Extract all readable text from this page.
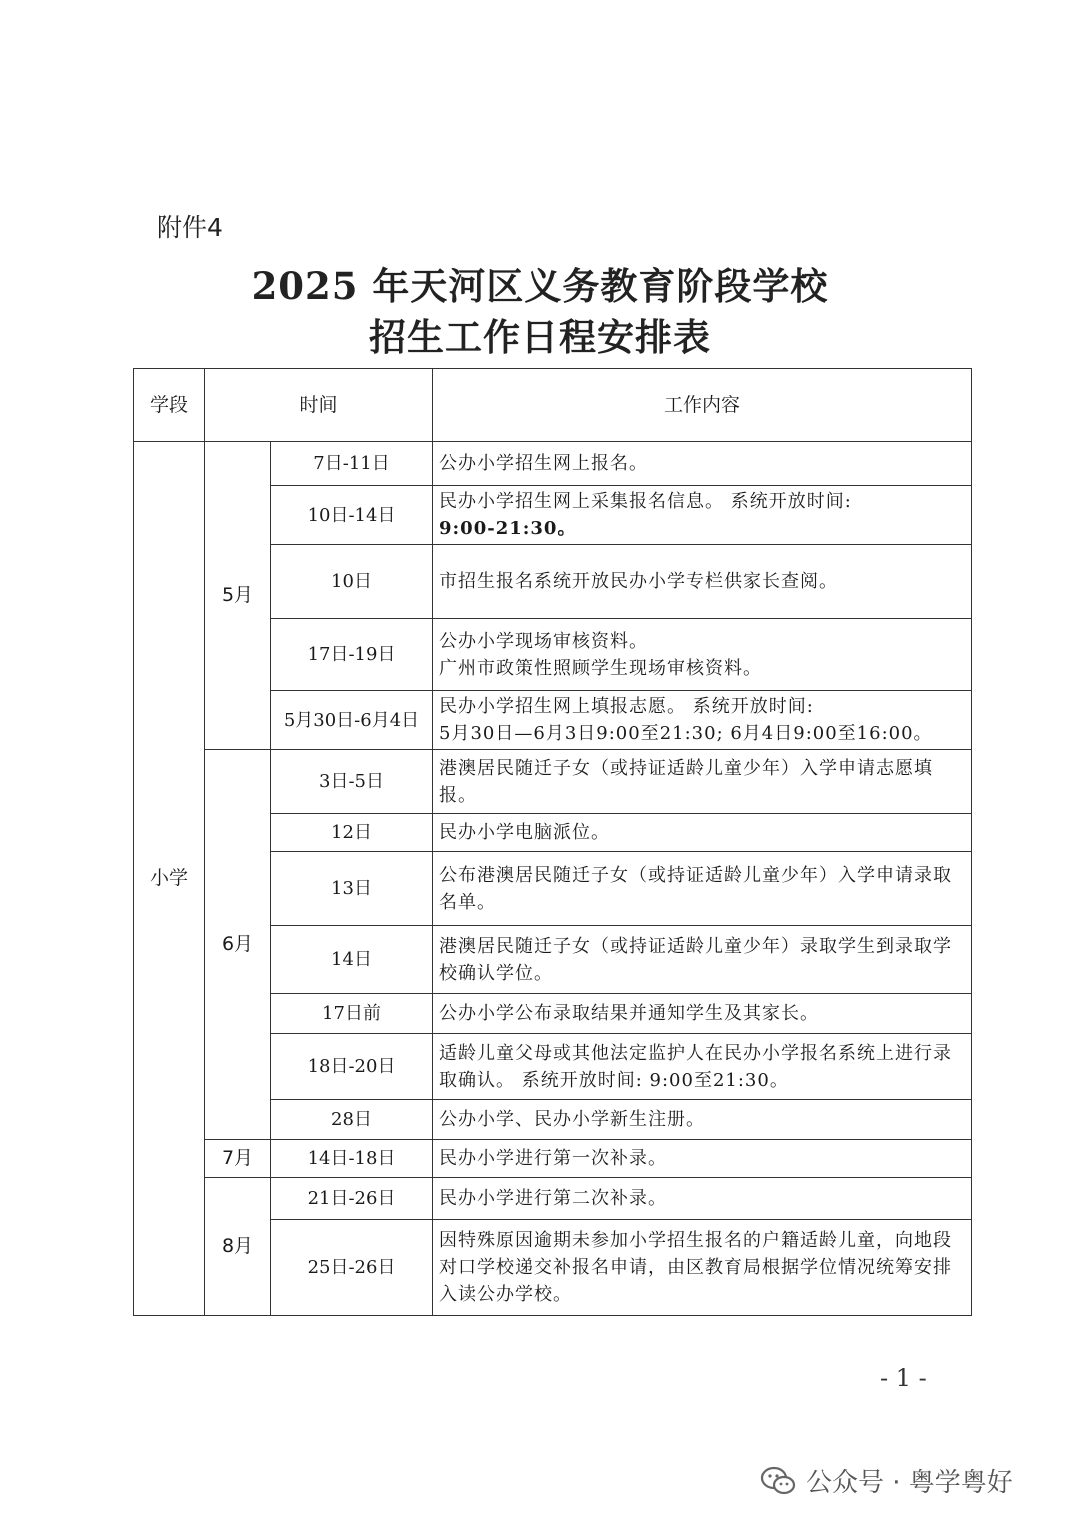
附件4
2025 年天河区义务教育阶段学校
招生工作日程安排表
学段	时间		工作内容
小学	5月	7日-11日	公办小学招生网上报名。

		10日-14日	民办小学招生网上采集报名信息。 系统开放时间:
9:00-21:30。

		10日	市招生报名系统开放民办小学专栏供家长查阅。

		17日-19日	公办小学现场审核资料。
广州市政策性照顾学生现场审核资料。

		5月30日-6月4日	民办小学招生网上填报志愿。 系统开放时间:
5月30日—6月3日9:00至21:30; 6月4日9:00至16:00。

	6月	3日-5日	港澳居民随迁子女（或持证适龄儿童少年）入学申请志愿填报。

		12日	民办小学电脑派位。

		13日	公布港澳居民随迁子女（或持证适龄儿童少年）入学申请录取名单。

		14日	港澳居民随迁子女（或持证适龄儿童少年）录取学生到录取学校确认学位。

		17日前	公办小学公布录取结果并通知学生及其家长。

		18日-20日	适龄儿童父母或其他法定监护人在民办小学报名系统上进行录取确认。 系统开放时间: 9:00至21:30。

		28日	公办小学、民办小学新生注册。

	7月	14日-18日	民办小学进行第一次补录。

	8月	21日-26日	民办小学进行第二次补录。

		25日-26日	因特殊原因逾期未参加小学招生报名的户籍适龄儿童，向地段对口学校递交补报名申请，由区教育局根据学位情况统筹安排入读公办学校。
- 1 -
公众号 · 粤学粤好
